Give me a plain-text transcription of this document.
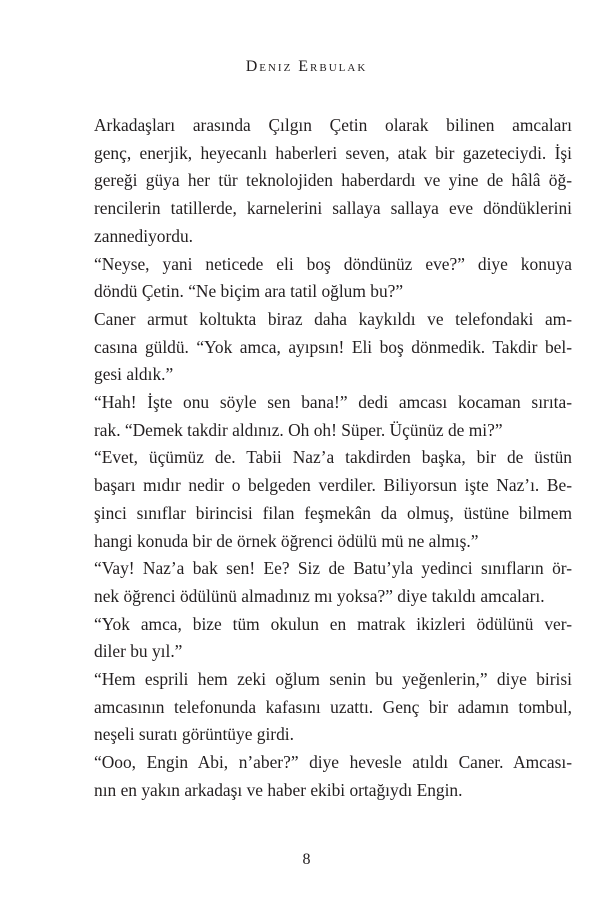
Deniz Erbulak
Arkadaşları arasında Çılgın Çetin olarak bilinen amcaları
genç, enerjik, heyecanlı haberleri seven, atak bir gazeteciydi. İşi
gereği güya her tür teknolojiden haberdardı ve yine de hâlâ öğ-
rencilerin tatillerde, karnelerini sallaya sallaya eve döndüklerini
zannediyordu.
“Neyse, yani neticede eli boş döndünüz eve?” diye konuya
döndü Çetin. “Ne biçim ara tatil oğlum bu?”
Caner armut koltukta biraz daha kaykıldı ve telefondaki am-
casına güldü. “Yok amca, ayıpsın! Eli boş dönmedik. Takdir bel-
gesi aldık.”
“Hah! İşte onu söyle sen bana!” dedi amcası kocaman sırıta-
rak. “Demek takdir aldınız. Oh oh! Süper. Üçünüz de mi?”
“Evet, üçümüz de. Tabii Naz’a takdirden başka, bir de üstün
başarı mıdır nedir o belgeden verdiler. Biliyorsun işte Naz’ı. Be-
şinci sınıflar birincisi filan feşmekân da olmuş, üstüne bilmem
hangi konuda bir de örnek öğrenci ödülü mü ne almış.”
“Vay! Naz’a bak sen! Ee? Siz de Batu’yla yedinci sınıfların ör-
nek öğrenci ödülünü almadınız mı yoksa?” diye takıldı amcaları.
“Yok amca, bize tüm okulun en matrak ikizleri ödülünü ver-
diler bu yıl.”
“Hem esprili hem zeki oğlum senin bu yeğenlerin,” diye birisi
amcasının telefonunda kafasını uzattı. Genç bir adamın tombul,
neşeli suratı görüntüye girdi.
“Ooo, Engin Abi, n’aber?” diye hevesle atıldı Caner. Amcası-
nın en yakın arkadaşı ve haber ekibi ortağıydı Engin.
8
